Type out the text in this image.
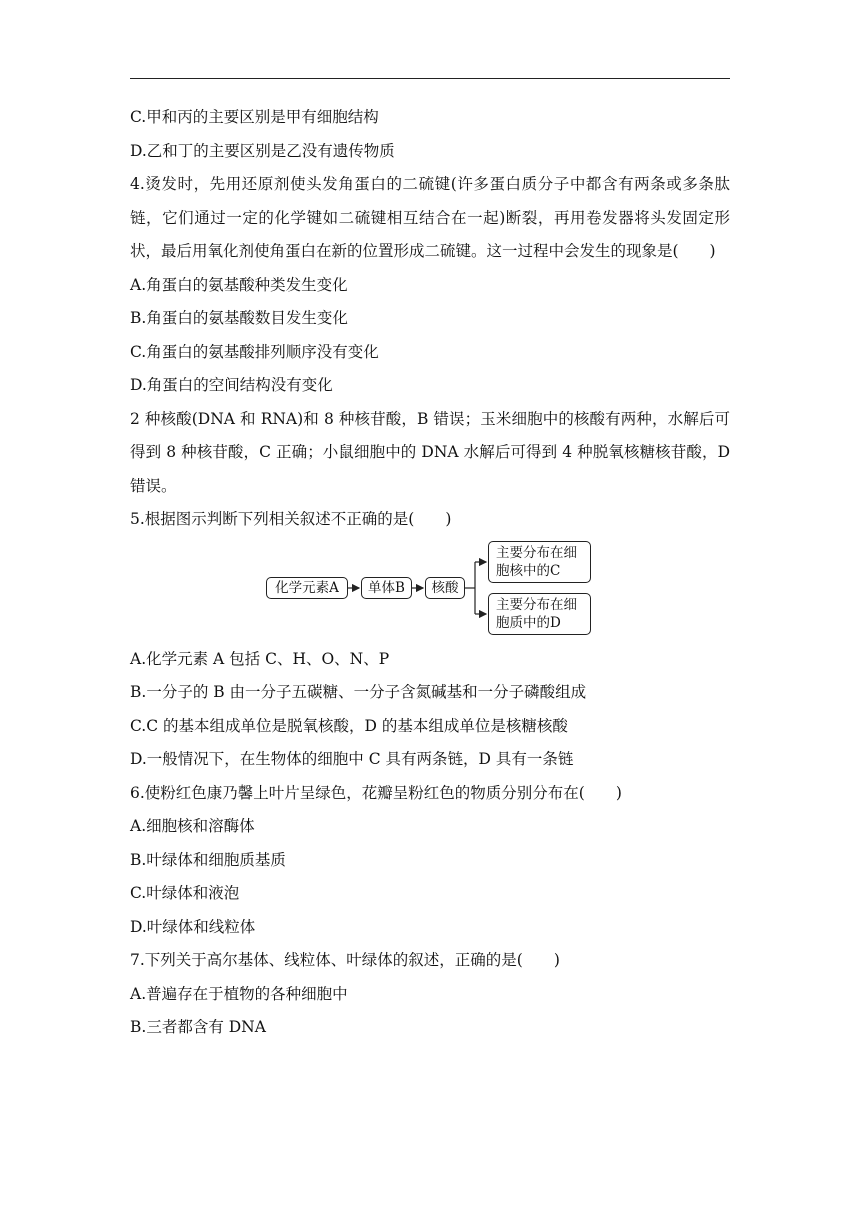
C.甲和丙的主要区别是甲有细胞结构
D.乙和丁的主要区别是乙没有遗传物质
4.烫发时，先用还原剂使头发角蛋白的二硫键(许多蛋白质分子中都含有两条或多条肽链，它们通过一定的化学键如二硫键相互结合在一起)断裂，再用卷发器将头发固定形状，最后用氧化剂使角蛋白在新的位置形成二硫键。这一过程中会发生的现象是(　　)
A.角蛋白的氨基酸种类发生变化
B.角蛋白的氨基酸数目发生变化
C.角蛋白的氨基酸排列顺序没有变化
D.角蛋白的空间结构没有变化
2 种核酸(DNA 和 RNA)和 8 种核苷酸，B 错误；玉米细胞中的核酸有两种，水解后可得到 8 种核苷酸，C 正确；小鼠细胞中的 DNA 水解后可得到 4 种脱氧核糖核苷酸，D 错误。
5.根据图示判断下列相关叙述不正确的是(　　)
化学元素A	单体B	核酸
主要分布在细
胞核中的C
主要分布在细
胞质中的D
A.化学元素 A 包括 C、H、O、N、P
B.一分子的 B 由一分子五碳糖、一分子含氮碱基和一分子磷酸组成
C.C 的基本组成单位是脱氧核酸，D 的基本组成单位是核糖核酸
D.一般情况下，在生物体的细胞中 C 具有两条链，D 具有一条链
6.使粉红色康乃馨上叶片呈绿色，花瓣呈粉红色的物质分别分布在(　　)
A.细胞核和溶酶体
B.叶绿体和细胞质基质
C.叶绿体和液泡
D.叶绿体和线粒体
7.下列关于高尔基体、线粒体、叶绿体的叙述，正确的是(　　)
A.普遍存在于植物的各种细胞中
B.三者都含有 DNA
